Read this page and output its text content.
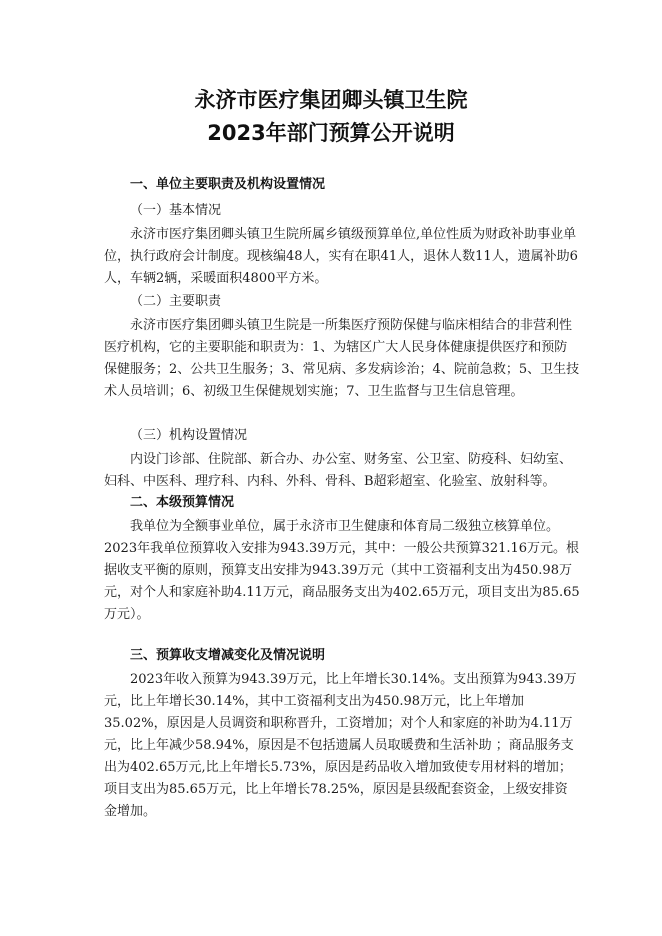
永济市医疗集团卿头镇卫生院
2023年部门预算公开说明

一、单位主要职责及机构设置情况

（一）基本情况

永济市医疗集团卿头镇卫生院所属乡镇级预算单位,单位性质为财政补助事业单位，执行政府会计制度。现核编48人，实有在职41人，退休人数11人，遗属补助6人，车辆2辆，采暖面积4800平方米。

（二）主要职责

永济市医疗集团卿头镇卫生院是一所集医疗预防保健与临床相结合的非营利性医疗机构，它的主要职能和职责为：1、为辖区广大人民身体健康提供医疗和预防保健服务；2、公共卫生服务；3、常见病、多发病诊治；4、院前急救；5、卫生技术人员培训；6、初级卫生保健规划实施；7、卫生监督与卫生信息管理。

（三）机构设置情况

内设门诊部、住院部、新合办、办公室、财务室、公卫室、防疫科、妇幼室、妇科、中医科、理疗科、内科、外科、骨科、B超彩超室、化验室、放射科等。

二、本级预算情况

我单位为全额事业单位，属于永济市卫生健康和体育局二级独立核算单位。2023年我单位预算收入安排为943.39万元，其中：一般公共预算321.16万元。根据收支平衡的原则，预算支出安排为943.39万元（其中工资福利支出为450.98万元，对个人和家庭补助4.11万元，商品服务支出为402.65万元，项目支出为85.65万元）。

三、预算收支增减变化及情况说明

2023年收入预算为943.39万元，比上年增长30.14%。支出预算为943.39万元，比上年增长30.14%，其中工资福利支出为450.98万元，比上年增加35.02%，原因是人员调资和职称晋升，工资增加；对个人和家庭的补助为4.11万元，比上年减少58.94%，原因是不包括遗属人员取暖费和生活补助 ；商品服务支出为402.65万元,比上年增长5.73%，原因是药品收入增加致使专用材料的增加；项目支出为85.65万元，比上年增长78.25%，原因是县级配套资金，上级安排资金增加。
